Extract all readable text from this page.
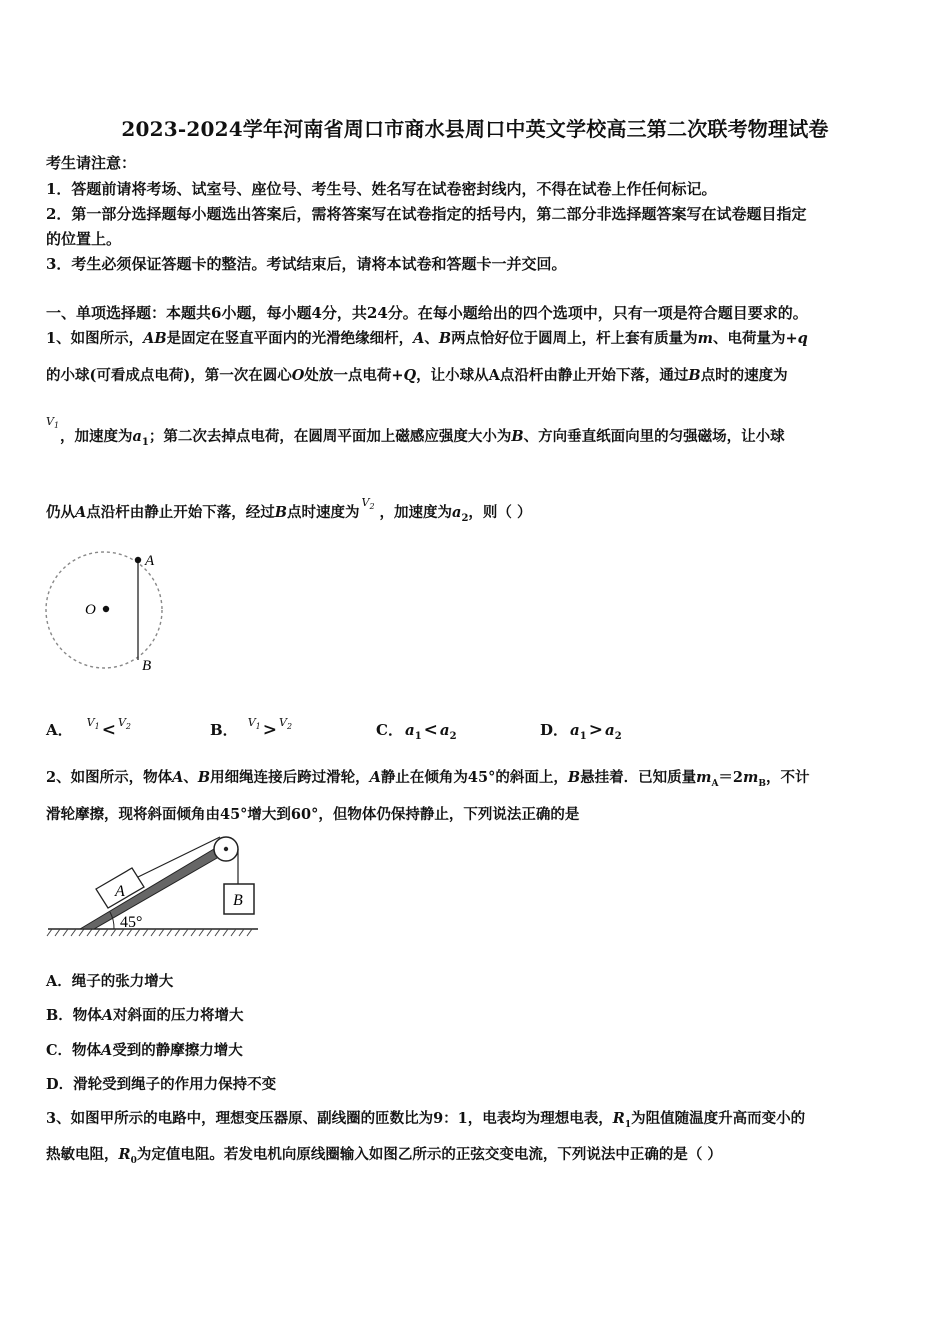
2023-2024学年河南省周口市商水县周口中英文学校高三第二次联考物理试卷
考生请注意：
1．答题前请将考场、试室号、座位号、考生号、姓名写在试卷密封线内，不得在试卷上作任何标记。
2．第一部分选择题每小题选出答案后，需将答案写在试卷指定的括号内，第二部分非选择题答案写在试卷题目指定
的位置上。
3．考生必须保证答题卡的整洁。考试结束后，请将本试卷和答题卡一并交回。
一、单项选择题：本题共6小题，每小题4分，共24分。在每小题给出的四个选项中，只有一项是符合题目要求的。
1、如图所示，AB是固定在竖直平面内的光滑绝缘细杆，A、B两点恰好位于圆周上，杆上套有质量为m、电荷量为+q
的小球(可看成点电荷)，第一次在圆心O处放一点电荷+Q，让小球从A点沿杆由静止开始下落，通过B点时的速度为
$V_1$
，加速度为$a_1$；第二次去掉点电荷，在圆周平面加上磁感应强度大小为B、方向垂直纸面向里的匀强磁场，让小球
仍从A点沿杆由静止开始下落，经过B点时速度为
$V_2$ ，加速度为$a_2$，则（ ）
A
O
B
A． $^{V_1}$ < $^{V_2}$	B． $^{V_1}$ > $^{V_2}$	C． $a_1 < a_2$	D． $a_1 > a_2$
2、如图所示，物体A、B用细绳连接后跨过滑轮，A静止在倾角为45°的斜面上，B悬挂着．已知质量$m_A=2m_B$，不计
滑轮摩擦，现将斜面倾角由45°增大到60°，但物体仍保持静止，下列说法正确的是
A
B
45°
A．绳子的张力增大
B．物体A对斜面的压力将增大
C．物体A受到的静摩擦力增大
D．滑轮受到绳子的作用力保持不变
3、如图甲所示的电路中，理想变压器原、副线圈的匝数比为9：1，电表均为理想电表，$R_1$为阻值随温度升高而变小的
热敏电阻，$R_0$为定值电阻。若发电机向原线圈输入如图乙所示的正弦交变电流，下列说法中正确的是（ ）
